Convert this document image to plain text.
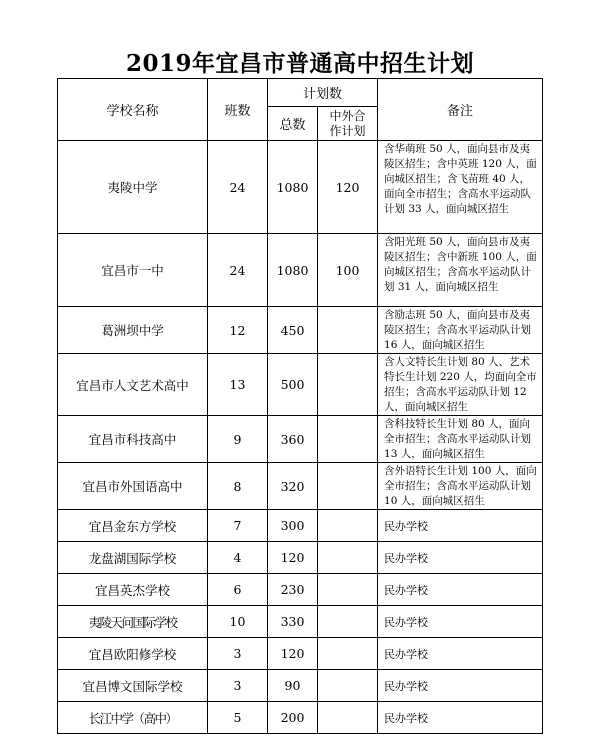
2019年宜昌市普通高中招生计划
学校名称	班数	计划数		备注
		总数	中外合
作计划	
夷陵中学	24	1080	120	含华萌班 50 人，面向县市及夷陵区招生；含中英班 120 人，面向城区招生；含飞苗班 40 人，面向全市招生；含高水平运动队计划 33 人，面向城区招生
宜昌市一中	24	1080	100	含阳光班 50 人，面向县市及夷陵区招生；含中新班 100 人，面向城区招生；含高水平运动队计划 31 人，面向城区招生
葛洲坝中学	12	450		含励志班 50 人，面向县市及夷陵区招生；含高水平运动队计划 16 人，面向城区招生
宜昌市人文艺术高中	13	500		含人文特长生计划 80 人、艺术特长生计划 220 人，均面向全市招生；含高水平运动队计划 12 人，面向城区招生
宜昌市科技高中	9	360		含科技特长生计划 80 人，面向全市招生；含高水平运动队计划 13 人，面向城区招生
宜昌市外国语高中	8	320		含外语特长生计划 100 人，面向全市招生；含高水平运动队计划 10 人，面向城区招生
宜昌金东方学校	7	300		民办学校
龙盘湖国际学校	4	120		民办学校
宜昌英杰学校	6	230		民办学校
夷陵天问国际学校	10	330		民办学校
宜昌欧阳修学校	3	120		民办学校
宜昌博文国际学校	3	90		民办学校
长江中学（高中）	5	200		民办学校
